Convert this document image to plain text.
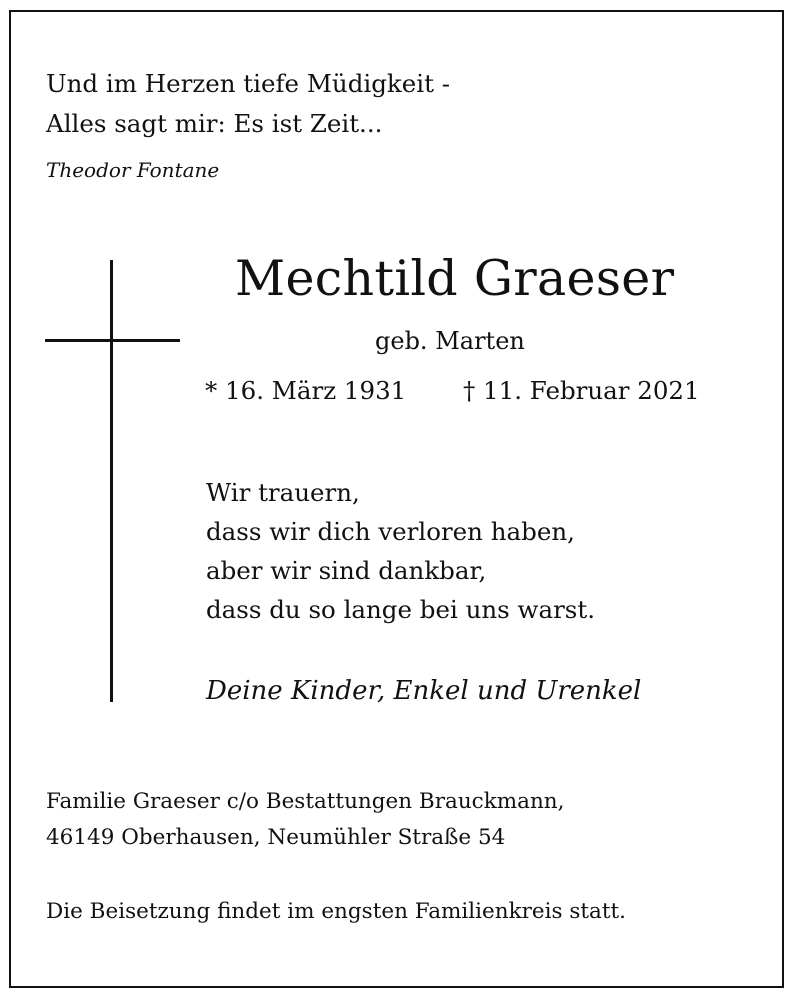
Und im Herzen tiefe Müdigkeit -
Alles sagt mir: Es ist Zeit...
Theodor Fontane
Mechtild Graeser
geb. Marten
* 16. März 1931 † 11. Februar 2021
Wir trauern,
dass wir dich verloren haben,
aber wir sind dankbar,
dass du so lange bei uns warst.
Deine Kinder, Enkel und Urenkel
Familie Graeser c/o Bestattungen Brauckmann,
46149 Oberhausen, Neumühler Straße 54
Die Beisetzung findet im engsten Familienkreis statt.
